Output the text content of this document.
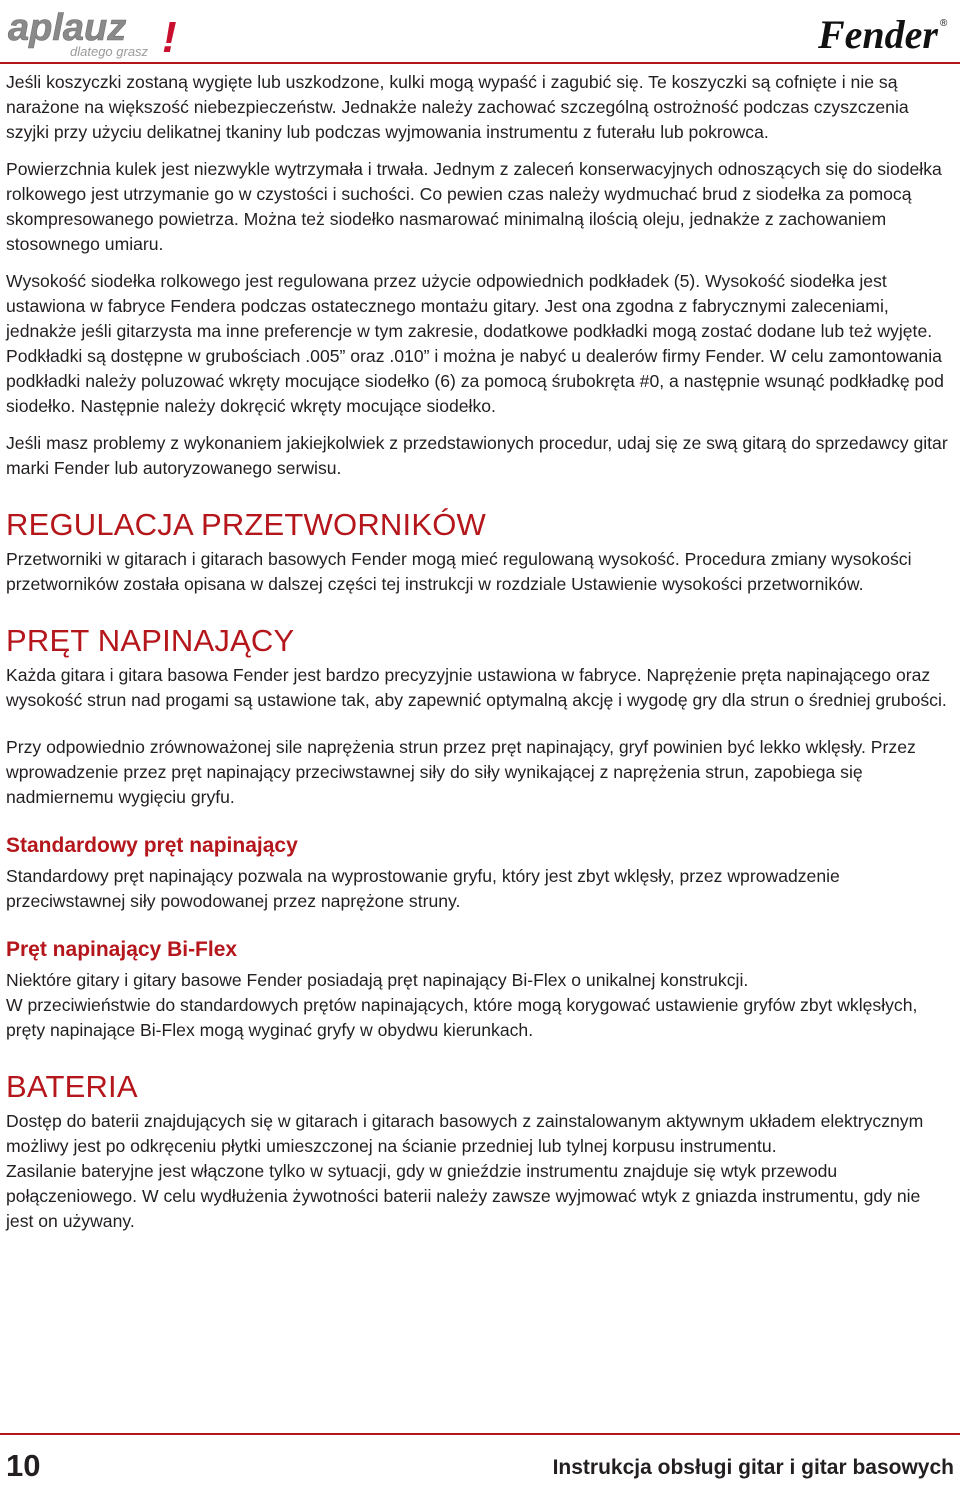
aplauz !
dlatego grasz	Fender ®

Jeśli koszyczki zostaną wygięte lub uszkodzone, kulki mogą wypaść i zagubić się. Te koszyczki są cofnięte i nie są narażone na większość niebezpieczeństw. Jednakże należy zachować szczególną ostrożność podczas czyszczenia szyjki przy użyciu delikatnej tkaniny lub podczas wyjmowania instrumentu z futerału lub pokrowca.

Powierzchnia kulek jest niezwykle wytrzymała i trwała. Jednym z zaleceń konserwacyjnych odnoszących się do siodełka rolkowego jest utrzymanie go w czystości i suchości. Co pewien czas należy wydmuchać brud z siodełka za pomocą skompresowanego powietrza. Można też siodełko nasmarować minimalną ilością oleju, jednakże z zachowaniem stosownego umiaru.

Wysokość siodełka rolkowego jest regulowana przez użycie odpowiednich podkładek (5). Wysokość siodełka jest ustawiona w fabryce Fendera podczas ostatecznego montażu gitary. Jest ona zgodna z fabrycznymi zaleceniami, jednakże jeśli gitarzysta ma inne preferencje w tym zakresie, dodatkowe podkładki mogą zostać dodane lub też wyjęte. Podkładki są dostępne w grubościach .005” oraz .010” i można je nabyć u dealerów firmy Fender. W celu zamontowania podkładki należy poluzować wkręty mocujące siodełko (6) za pomocą śrubokręta #0, a następnie wsunąć podkładkę pod siodełko. Następnie należy dokręcić wkręty mocujące siodełko.

Jeśli masz problemy z wykonaniem jakiejkolwiek z przedstawionych procedur, udaj się ze swą gitarą do sprzedawcy gitar marki Fender lub autoryzowanego serwisu.

REGULACJA PRZETWORNIKÓW

Przetworniki w gitarach i gitarach basowych Fender mogą mieć regulowaną wysokość. Procedura zmiany wysokości przetworników została opisana w dalszej części tej instrukcji w rozdziale Ustawienie wysokości przetworników.

PRĘT NAPINAJĄCY

Każda gitara i gitara basowa Fender jest bardzo precyzyjnie ustawiona w fabryce. Naprężenie pręta napinającego oraz wysokość strun nad progami są ustawione tak, aby zapewnić optymalną akcję i wygodę gry dla strun o średniej grubości.

Przy odpowiednio zrównoważonej sile naprężenia strun przez pręt napinający, gryf powinien być lekko wklęsły. Przez wprowadzenie przez pręt napinający przeciwstawnej siły do siły wynikającej z naprężenia strun, zapobiega się nadmiernemu wygięciu gryfu.

Standardowy pręt napinający

Standardowy pręt napinający pozwala na wyprostowanie gryfu, który jest zbyt wklęsły, przez wprowadzenie przeciwstawnej siły powodowanej przez naprężone struny.

Pręt napinający Bi-Flex

Niektóre gitary i gitary basowe Fender posiadają pręt napinający Bi-Flex o unikalnej konstrukcji.

W przeciwieństwie do standardowych prętów napinających, które mogą korygować ustawienie gryfów zbyt wklęsłych, pręty napinające Bi-Flex mogą wyginać gryfy w obydwu kierunkach.

BATERIA

Dostęp do baterii znajdujących się w gitarach i gitarach basowych z zainstalowanym aktywnym układem elektrycznym możliwy jest po odkręceniu płytki umieszczonej na ścianie przedniej lub tylnej korpusu instrumentu.

Zasilanie bateryjne jest włączone tylko w sytuacji, gdy w gnieździe instrumentu znajduje się wtyk przewodu połączeniowego. W celu wydłużenia żywotności baterii należy zawsze wyjmować wtyk z gniazda instrumentu, gdy nie jest on używany.

10	Instrukcja obsługi gitar i gitar basowych
